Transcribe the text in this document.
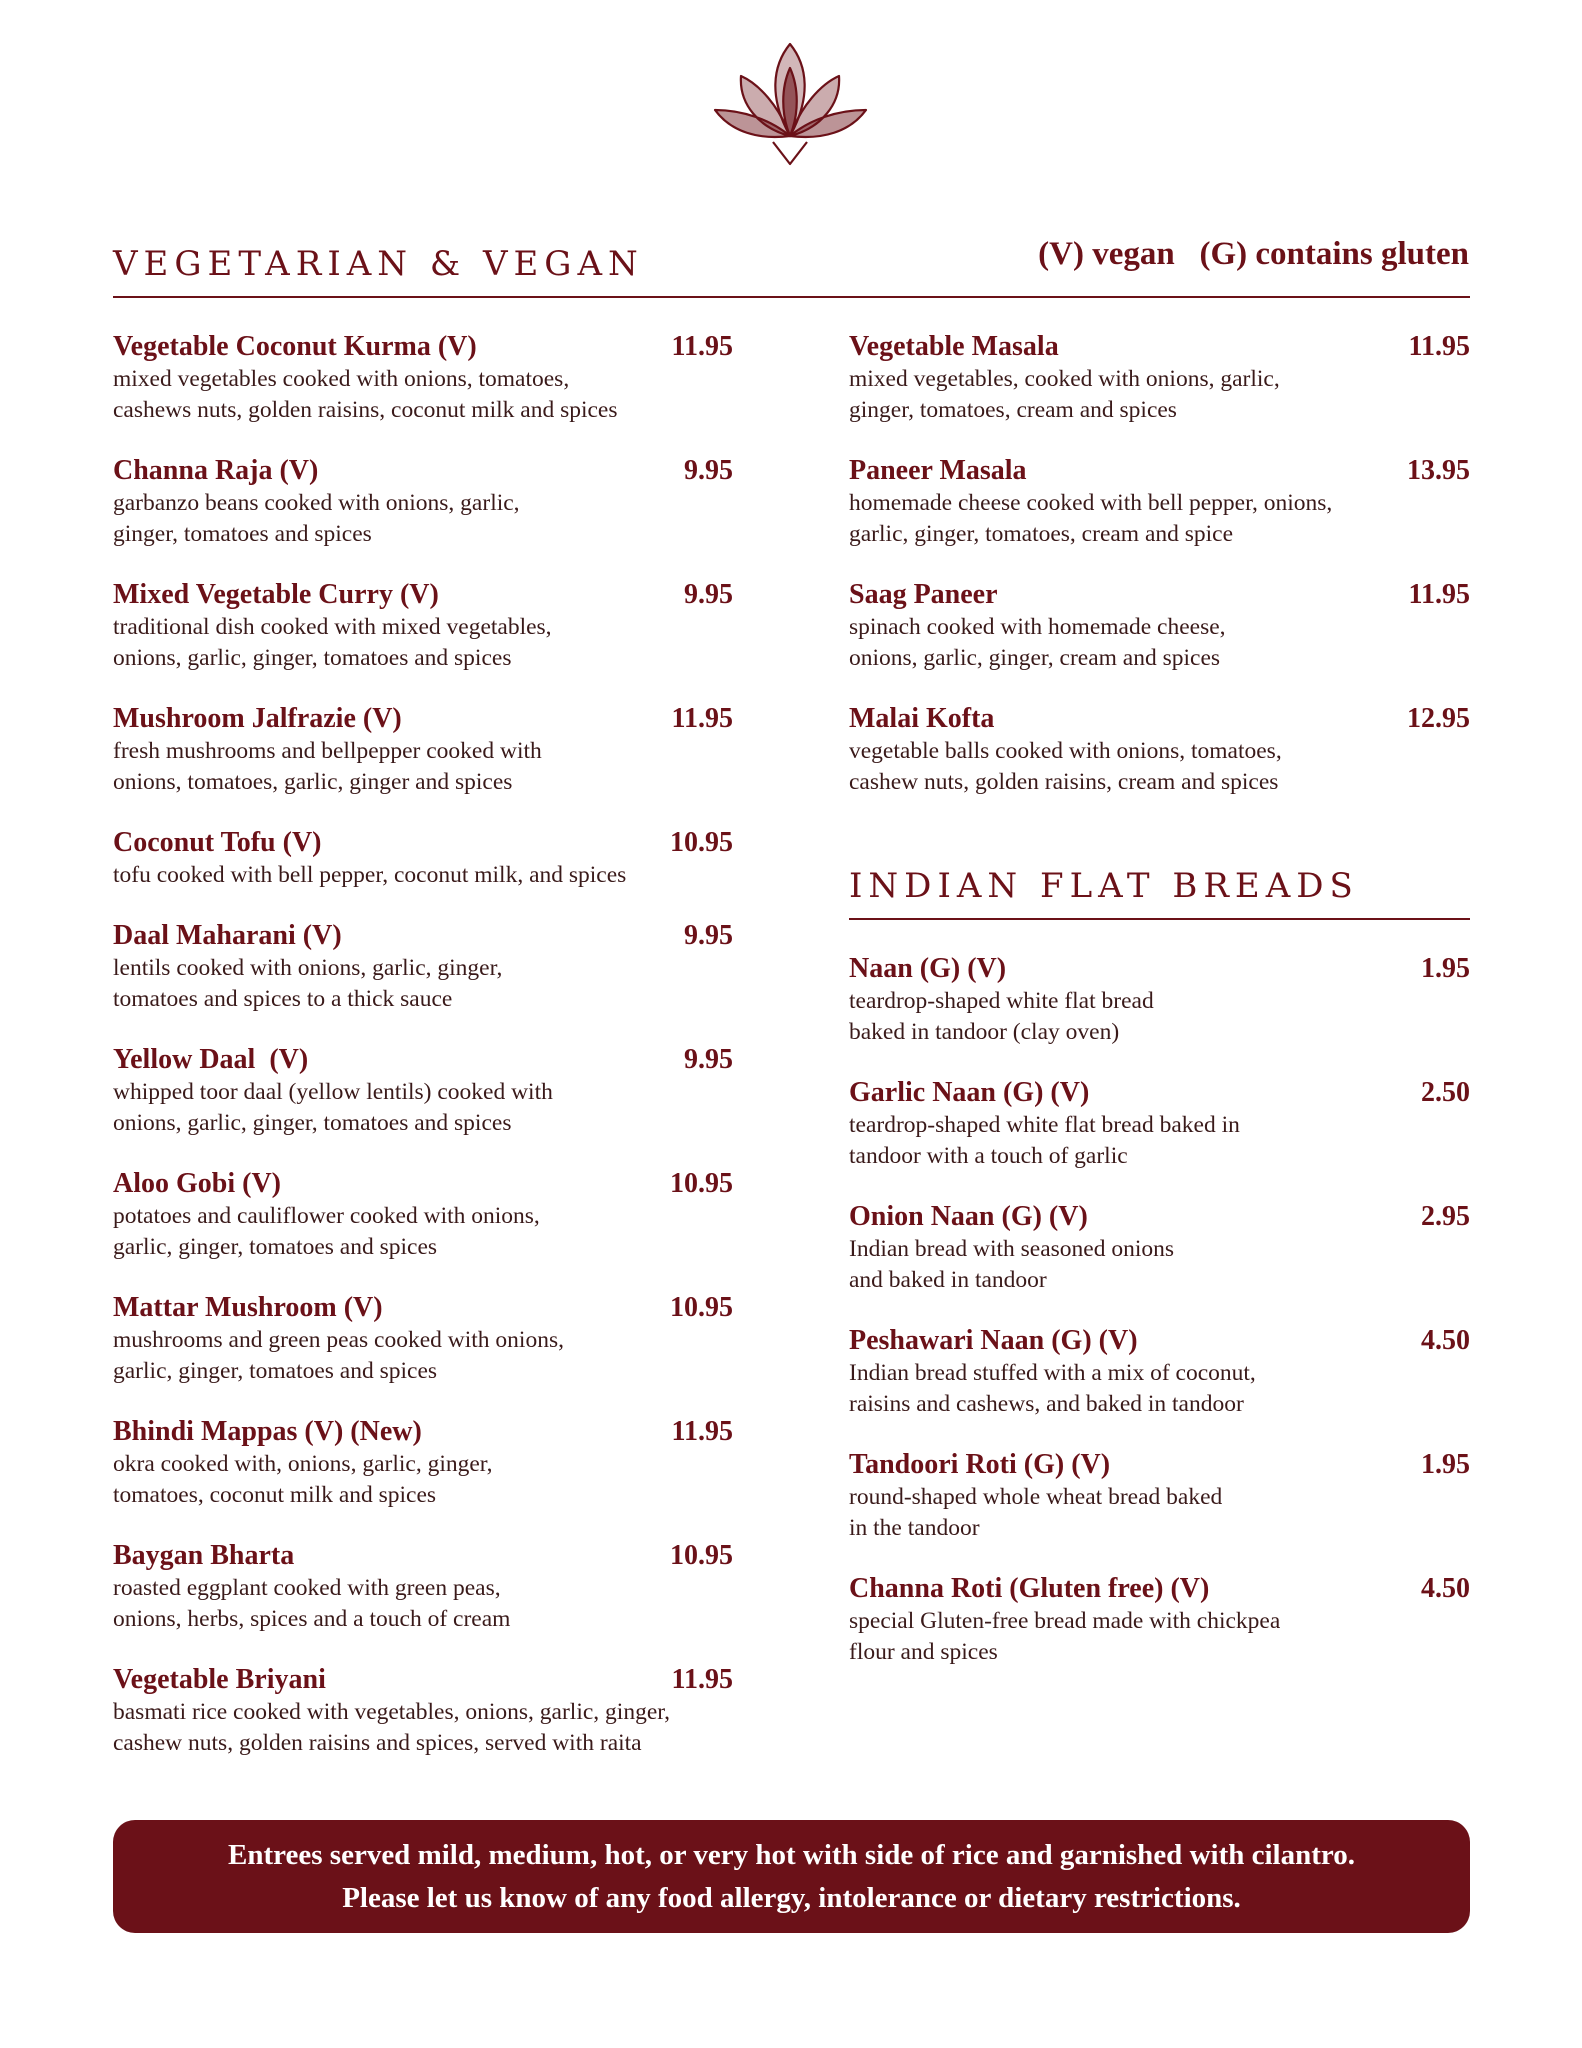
VEGETARIAN & VEGAN	(V) vegan (G) contains gluten

Vegetable Coconut Kurma (V)	11.95
mixed vegetables cooked with onions, tomatoes,
cashews nuts, golden raisins, coconut milk and spices
Channa Raja (V)	9.95
garbanzo beans cooked with onions, garlic,
ginger, tomatoes and spices
Mixed Vegetable Curry (V)	9.95
traditional dish cooked with mixed vegetables,
onions, garlic, ginger, tomatoes and spices
Mushroom Jalfrazie (V)	11.95
fresh mushrooms and bellpepper cooked with
onions, tomatoes, garlic, ginger and spices
Coconut Tofu (V)	10.95
tofu cooked with bell pepper, coconut milk, and spices
Daal Maharani (V)	9.95
lentils cooked with onions, garlic, ginger,
tomatoes and spices to a thick sauce
Yellow Daal  (V)	9.95
whipped toor daal (yellow lentils) cooked with
onions, garlic, ginger, tomatoes and spices
Aloo Gobi (V)	10.95
potatoes and cauliflower cooked with onions,
garlic, ginger, tomatoes and spices
Mattar Mushroom (V)	10.95
mushrooms and green peas cooked with onions,
garlic, ginger, tomatoes and spices
Bhindi Mappas (V) (New)	11.95
okra cooked with, onions, garlic, ginger,
tomatoes, coconut milk and spices
Baygan Bharta	10.95
roasted eggplant cooked with green peas,
onions, herbs, spices and a touch of cream
Vegetable Briyani	11.95
basmati rice cooked with vegetables, onions, garlic, ginger,
cashew nuts, golden raisins and spices, served with raita
Vegetable Masala	11.95
mixed vegetables, cooked with onions, garlic,
ginger, tomatoes, cream and spices
Paneer Masala	13.95
homemade cheese cooked with bell pepper, onions,
garlic, ginger, tomatoes, cream and spice
Saag Paneer	11.95
spinach cooked with homemade cheese,
onions, garlic, ginger, cream and spices
Malai Kofta	12.95
vegetable balls cooked with onions, tomatoes,
cashew nuts, golden raisins, cream and spices
INDIAN FLAT BREADS
Naan (G) (V)	1.95
teardrop-shaped white flat bread
baked in tandoor (clay oven)
Garlic Naan (G) (V)	2.50
teardrop-shaped white flat bread baked in
tandoor with a touch of garlic
Onion Naan (G) (V)	2.95
Indian bread with seasoned onions
and baked in tandoor
Peshawari Naan (G) (V)	4.50
Indian bread stuffed with a mix of coconut,
raisins and cashews, and baked in tandoor
Tandoori Roti (G) (V)	1.95
round-shaped whole wheat bread baked
in the tandoor
Channa Roti (Gluten free) (V)	4.50
special Gluten-free bread made with chickpea
flour and spices
Entrees served mild, medium, hot, or very hot with side of rice and garnished with cilantro.
Please let us know of any food allergy, intolerance or dietary restrictions.
